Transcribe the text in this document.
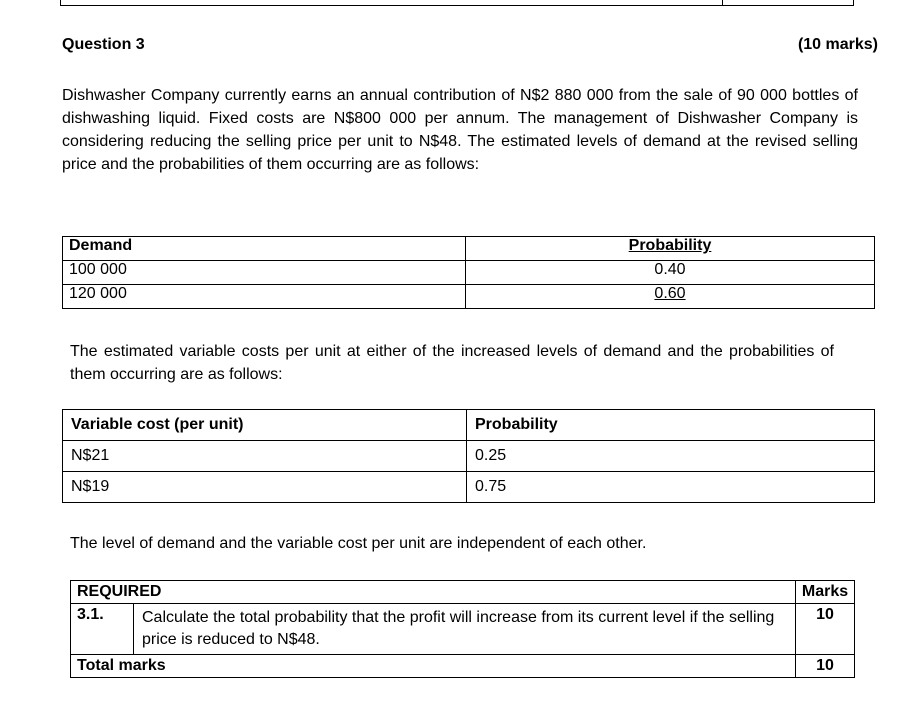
Question 3	(10 marks)
Dishwasher Company currently earns an annual contribution of N$2 880 000 from the sale of 90 000 bottles of dishwashing liquid. Fixed costs are N$800 000 per annum. The management of Dishwasher Company is considering reducing the selling price per unit to N$48. The estimated levels of demand at the revised selling price and the probabilities of them occurring are as follows:
Demand	Probability
100 000	0.40
120 000	0.60
The estimated variable costs per unit at either of the increased levels of demand and the probabilities of them occurring are as follows:
Variable cost (per unit)	Probability
N$21	0.25
N$19	0.75
The level of demand and the variable cost per unit are independent of each other.
REQUIRED		Marks
3.1.	Calculate the total probability that the profit will increase from its current level if the selling price is reduced to N$48.	10
Total marks		10
